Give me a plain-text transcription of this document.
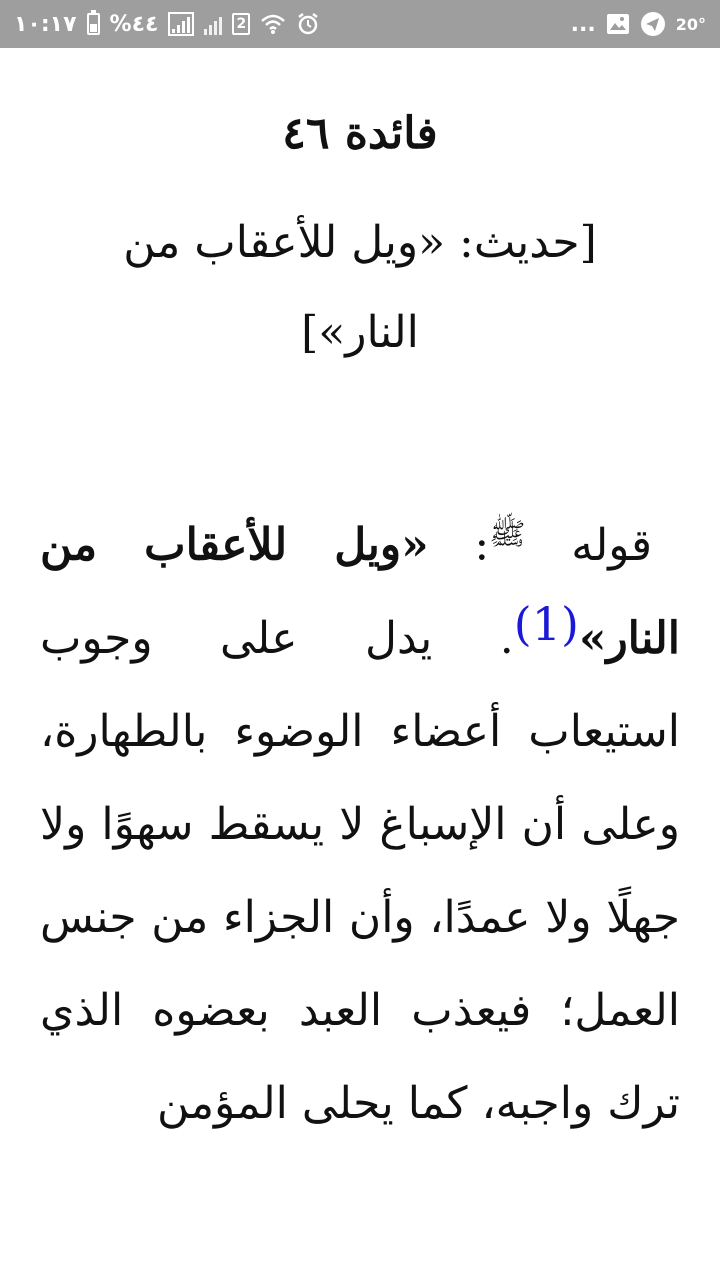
١٠:١٧ %٤٤	2	...	20°
فائدة ٤٦
[حديث: «ويل للأعقاب من النار»]
قوله $^ﷺ$: «ويل للأعقاب من النار»(1). يدل على وجوب استيعاب أعضاء الوضوء بالطهارة، وعلى أن الإسباغ لا يسقط سهوًا ولا جهلًا ولا عمدًا، وأن الجزاء من جنس العمل؛ فيعذب العبد بعضوه الذي ترك واجبه، كما يحلى المؤمن
